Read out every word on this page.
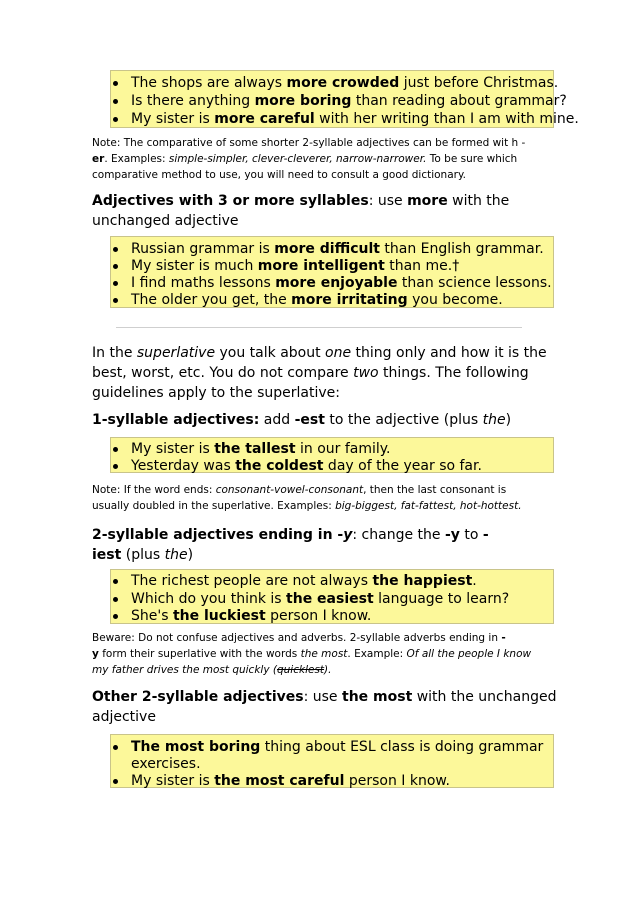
The shops are always more crowded just before Christmas.
Is there anything more boring than reading about grammar?
My sister is more careful with her writing than I am with mine.
Note: The comparative of some shorter 2-syllable adjectives can be formed wit h -
er. Examples: simple-simpler, clever-cleverer, narrow-narrower. To be sure which
comparative method to use, you will need to consult a good dictionary.
Adjectives with 3 or more syllables: use more with the
unchanged adjective
Russian grammar is more difficult than English grammar.
My sister is much more intelligent than me.†
I find maths lessons more enjoyable than science lessons.
The older you get, the more irritating you become.
In the superlative you talk about one thing only and how it is the
best, worst, etc. You do not compare two things. The following
guidelines apply to the superlative:
1-syllable adjectives: add -est to the adjective (plus the)
My sister is the tallest in our family.
Yesterday was the coldest day of the year so far.
Note: If the word ends: consonant-vowel-consonant, then the last consonant is
usually doubled in the superlative. Examples: big-biggest, fat-fattest, hot-hottest.
2-syllable adjectives ending in -y: change the -y to -
iest (plus the)
The richest people are not always the happiest.
Which do you think is the easiest language to learn?
She's the luckiest person I know.
Beware: Do not confuse adjectives and adverbs. 2-syllable adverbs ending in -
y form their superlative with the words the most. Example: Of all the people I know
my father drives the most quickly (quicklest).
Other 2-syllable adjectives: use the most with the unchanged
adjective
The most boring thing about ESL class is doing grammar
exercises.
My sister is the most careful person I know.
